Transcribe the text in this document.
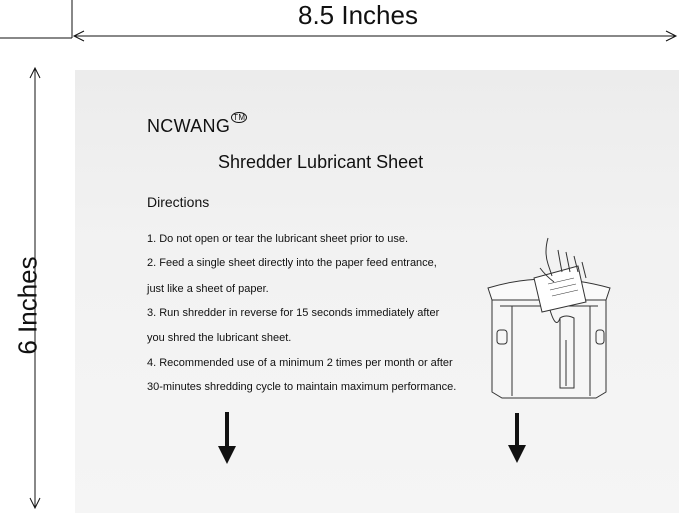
8.5 Inches
6 Inches
NCWANG ™
Shredder Lubricant Sheet
Directions
1. Do not open or tear the lubricant sheet prior to use.
2. Feed a single sheet directly into the paper feed entrance,
just like a sheet of paper.
3. Run shredder in reverse for 15 seconds immediately after
you shred the lubricant sheet.
4. Recommended use of a minimum 2 times per month or after
30-minutes shredding cycle to maintain maximum performance.
